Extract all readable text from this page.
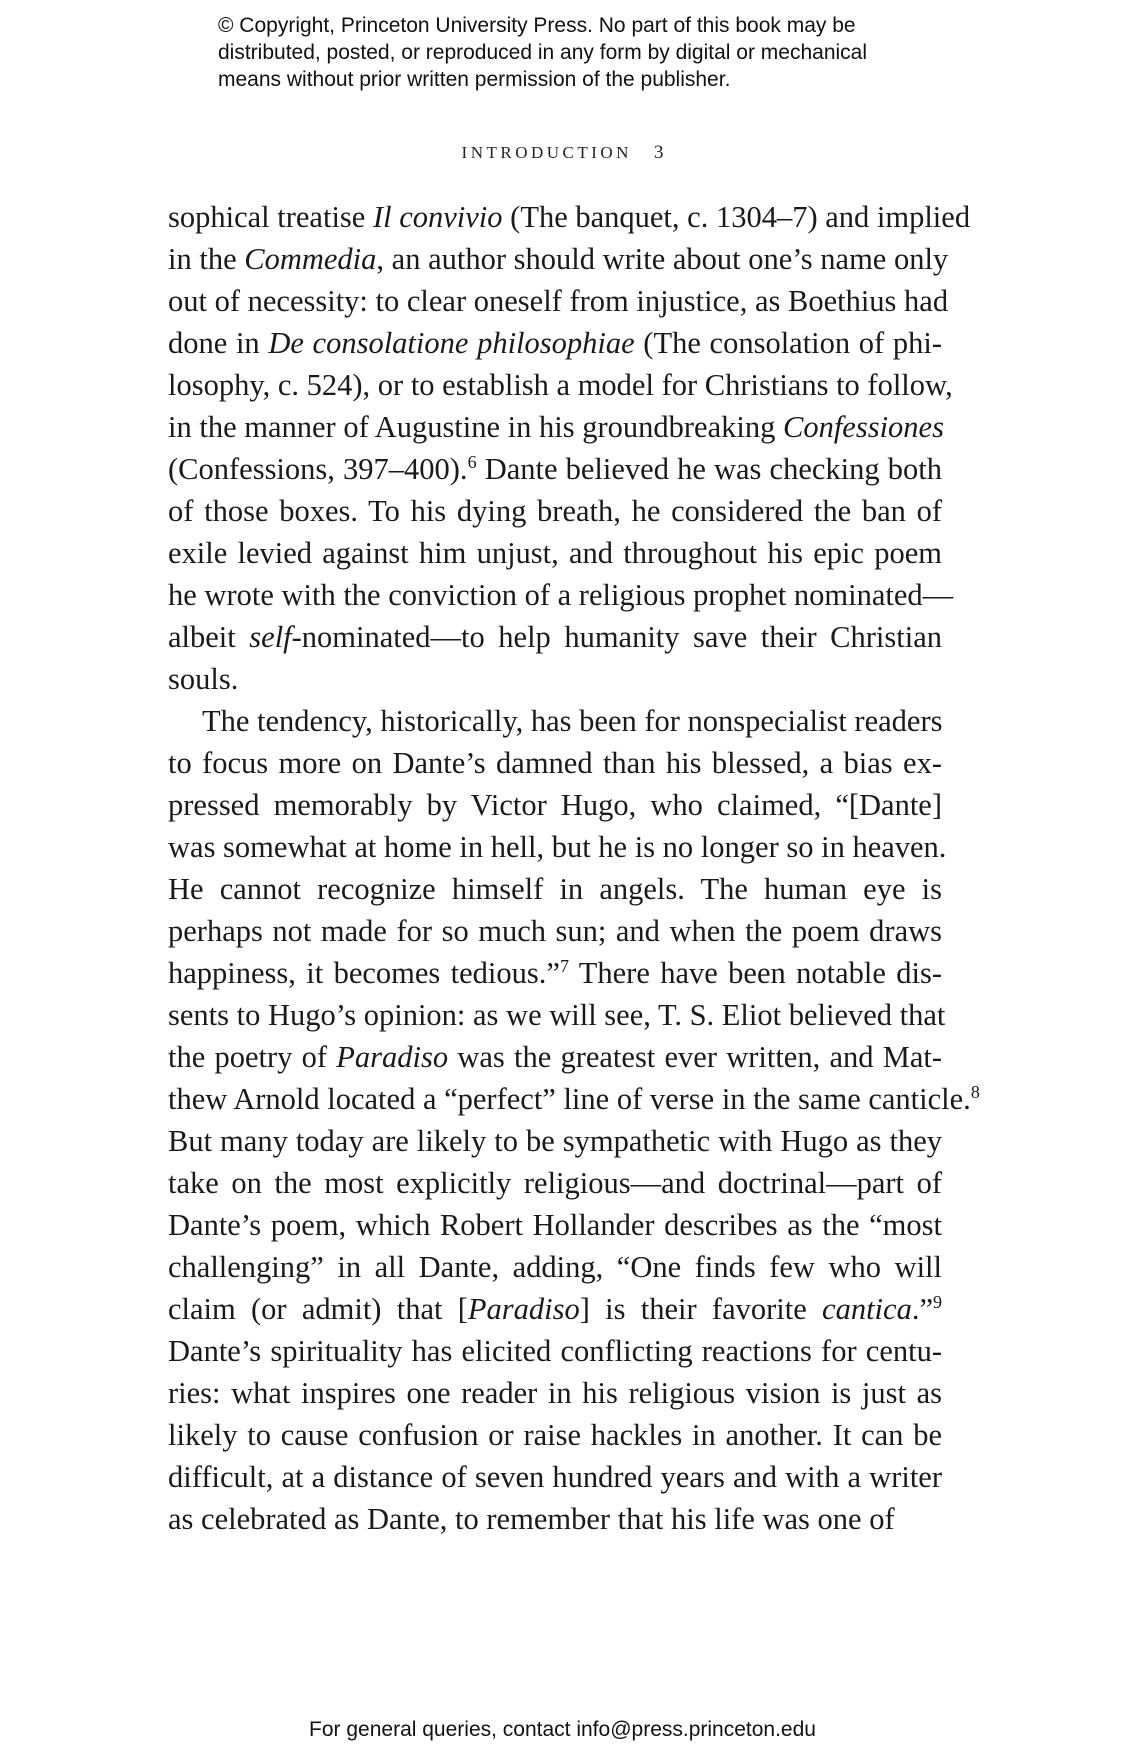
© Copyright, Princeton University Press. No part of this book may be
distributed, posted, or reproduced in any form by digital or mechanical
means without prior written permission of the publisher.
INTRODUCTION 3
sophical treatise Il convivio (The banquet, c. 1304–7) and implied
in the Commedia, an author should write about one’s name only
out of necessity: to clear oneself from injustice, as Boethius had
done in De consolatione philosophiae (The consolation of phi-
losophy, c. 524), or to establish a model for Christians to follow,
in the manner of Augustine in his groundbreaking Confessiones
(Confessions, 397–400).$^6$ Dante believed he was checking both
of those boxes. To his dying breath, he considered the ban of
exile levied against him unjust, and throughout his epic poem
he wrote with the conviction of a religious prophet nominated—
albeit self-nominated—to help humanity save their Christian
souls.
The tendency, historically, has been for nonspecialist readers
to focus more on Dante’s damned than his blessed, a bias ex-
pressed memorably by Victor Hugo, who claimed, “[Dante]
was somewhat at home in hell, but he is no longer so in heaven.
He cannot recognize himself in angels. The human eye is
perhaps not made for so much sun; and when the poem draws
happiness, it becomes tedious.”$^7$ There have been notable dis-
sents to Hugo’s opinion: as we will see, T. S. Eliot believed that
the poetry of Paradiso was the greatest ever written, and Mat-
thew Arnold located a “perfect” line of verse in the same canticle.$^8$
But many today are likely to be sympathetic with Hugo as they
take on the most explicitly religious—and doctrinal—part of
Dante’s poem, which Robert Hollander describes as the “most
challenging” in all Dante, adding, “One finds few who will
claim (or admit) that [Paradiso] is their favorite cantica.”$^9$
Dante’s spirituality has elicited conflicting reactions for centu-
ries: what inspires one reader in his religious vision is just as
likely to cause confusion or raise hackles in another. It can be
difficult, at a distance of seven hundred years and with a writer
as celebrated as Dante, to remember that his life was one of
For general queries, contact info@press.princeton.edu
